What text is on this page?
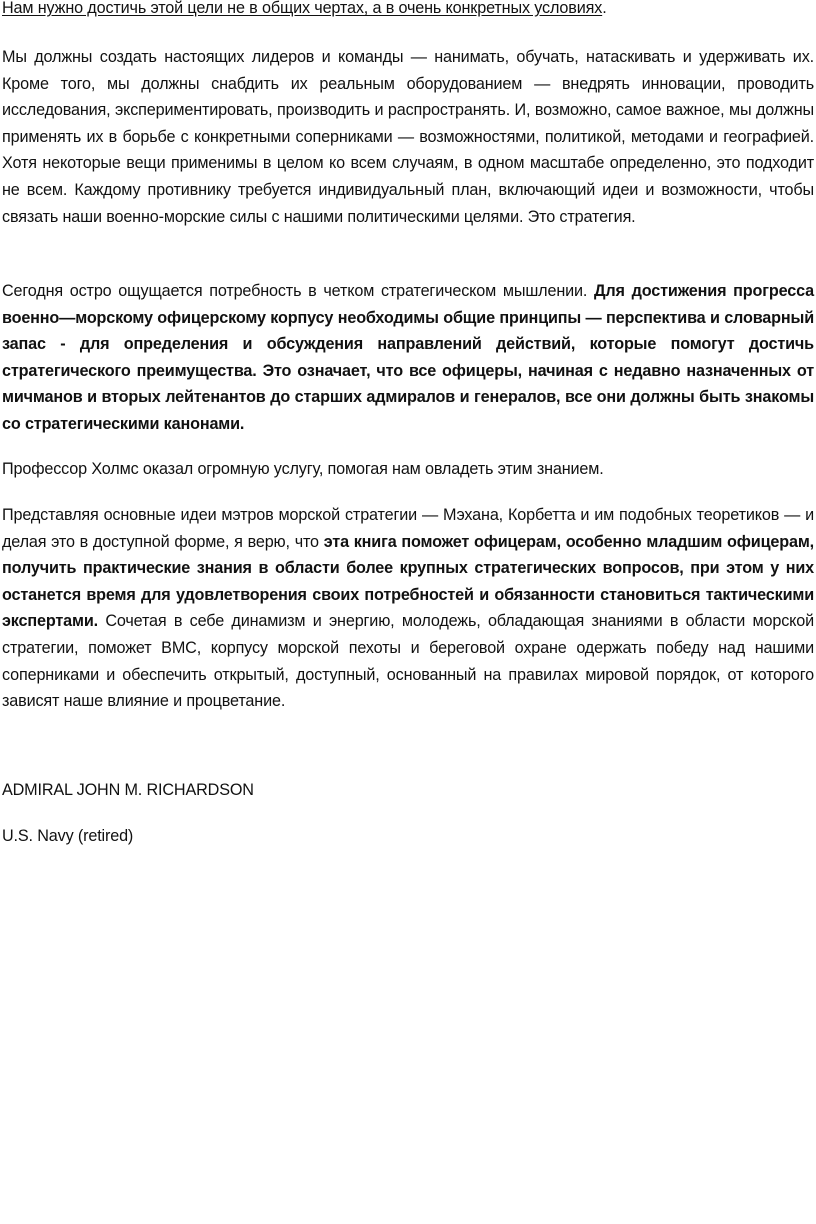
Нам нужно достичь этой цели не в общих чертах, а в очень конкретных условиях.

Мы должны создать настоящих лидеров и команды — нанимать, обучать, натаскивать и удерживать их. Кроме того, мы должны снабдить их реальным оборудованием — внедрять инновации, проводить исследования, экспериментировать, производить и распространять. И, возможно, самое важное, мы должны применять их в борьбе с конкретными соперниками — возможностями, политикой, методами и географией. Хотя некоторые вещи применимы в целом ко всем случаям, в одном масштабе определенно, это подходит не всем. Каждому противнику требуется индивидуальный план, включающий идеи и возможности, чтобы связать наши военно-морские силы с нашими политическими целями. Это стратегия.

Сегодня остро ощущается потребность в четком стратегическом мышлении. Для достижения прогресса военно—морскому офицерскому корпусу необходимы общие принципы — перспектива и словарный запас - для определения и обсуждения направлений действий, которые помогут достичь стратегического преимущества. Это означает, что все офицеры, начиная с недавно назначенных от мичманов и вторых лейтенантов до старших адмиралов и генералов, все они должны быть знакомы со стратегическими канонами.

Профессор Холмс оказал огромную услугу, помогая нам овладеть этим знанием.

Представляя основные идеи мэтров морской стратегии — Мэхана, Корбетта и им подобных теоретиков — и делая это в доступной форме, я верю, что эта книга поможет офицерам, особенно младшим офицерам, получить практические знания в области более крупных стратегических вопросов, при этом у них останется время для удовлетворения своих потребностей и обязанности становиться тактическими экспертами. Сочетая в себе динамизм и энергию, молодежь, обладающая знаниями в области морской стратегии, поможет ВМС, корпусу морской пехоты и береговой охране одержать победу над нашими соперниками и обеспечить открытый, доступный, основанный на правилах мировой порядок, от которого зависят наше влияние и процветание.

ADMIRAL JOHN M. RICHARDSON

U.S. Navy (retired)
